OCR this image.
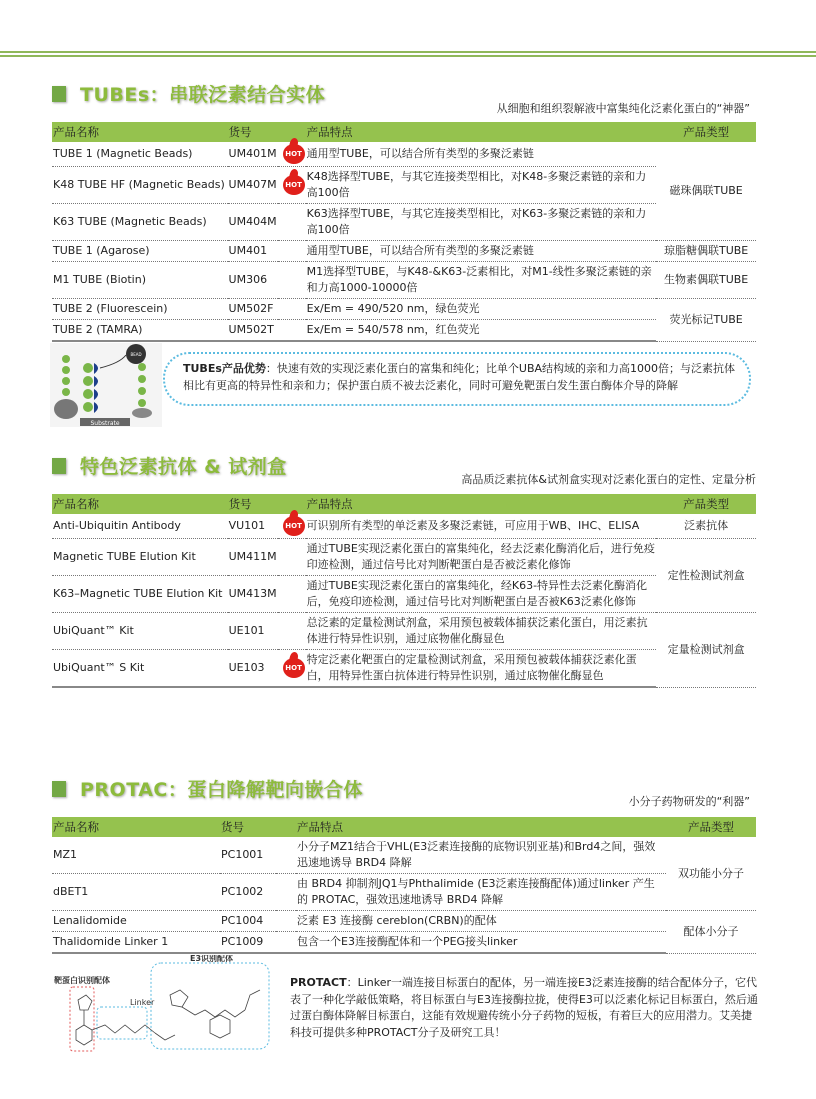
TUBEs：串联泛素结合实体
从细胞和组织裂解液中富集纯化泛素化蛋白的“神器”
产品名称	货号		产品特点	产品类型
TUBE 1 (Magnetic Beads)	UM401M	HOT	通用型TUBE，可以结合所有类型的多聚泛素链	磁珠偶联TUBE
K48 TUBE HF (Magnetic Beads)	UM407M	HOT	K48选择型TUBE，与其它连接类型相比，对K48-多聚泛素链的亲和力高100倍	
K63 TUBE (Magnetic Beads)	UM404M		K63选择型TUBE，与其它连接类型相比，对K63-多聚泛素链的亲和力高100倍	
TUBE 1 (Agarose)	UM401		通用型TUBE，可以结合所有类型的多聚泛素链	琼脂糖偶联TUBE
M1 TUBE (Biotin)	UM306		M1选择型TUBE，与K48-&K63-泛素相比，对M1-线性多聚泛素链的亲和力高1000-10000倍	生物素偶联TUBE
TUBE 2 (Fluorescein)	UM502F		Ex/Em = 490/520 nm，绿色荧光	荧光标记TUBE
TUBE 2 (TAMRA)	UM502T		Ex/Em = 540/578 nm，红色荧光	
BEAD
Substrate
TUBEs产品优势：快速有效的实现泛素化蛋白的富集和纯化；比单个UBA结构域的亲和力高1000倍；与泛素抗体相比有更高的特异性和亲和力；保护蛋白质不被去泛素化，同时可避免靶蛋白发生蛋白酶体介导的降解
特色泛素抗体 & 试剂盒
高品质泛素抗体&试剂盒实现对泛素化蛋白的定性、定量分析
产品名称	货号		产品特点	产品类型
Anti-Ubiquitin Antibody	VU101	HOT	可识别所有类型的单泛素及多聚泛素链，可应用于WB、IHC、ELISA	泛素抗体
Magnetic TUBE Elution Kit	UM411M		通过TUBE实现泛素化蛋白的富集纯化，经去泛素化酶消化后，进行免疫印迹检测，通过信号比对判断靶蛋白是否被泛素化修饰	定性检测试剂盒
K63–Magnetic TUBE Elution Kit	UM413M		通过TUBE实现泛素化蛋白的富集纯化，经K63-特异性去泛素化酶消化后，免疫印迹检测，通过信号比对判断靶蛋白是否被K63泛素化修饰	
UbiQuant™ Kit	UE101		总泛素的定量检测试剂盒，采用预包被载体捕获泛素化蛋白，用泛素抗体进行特异性识别，通过底物催化酶显色	定量检测试剂盒
UbiQuant™ S Kit	UE103	HOT	特定泛素化靶蛋白的定量检测试剂盒，采用预包被载体捕获泛素化蛋白，用特异性蛋白抗体进行特异性识别，通过底物催化酶显色	
PROTAC：蛋白降解靶向嵌合体
小分子药物研发的“利器”
产品名称	货号		产品特点	产品类型
MZ1	PC1001		小分子MZ1结合于VHL(E3泛素连接酶的底物识别亚基)和Brd4之间，强效迅速地诱导 BRD4 降解	双功能小分子
dBET1	PC1002		由 BRD4 抑制剂JQ1与Phthalimide (E3泛素连接酶配体)通过linker 产生的 PROTAC，强效迅速地诱导 BRD4 降解	
Lenalidomide	PC1004		泛素 E3 连接酶 cereblon(CRBN)的配体	配体小分子
Thalidomide Linker 1	PC1009		包含一个E3连接酶配体和一个PEG接头linker	
靶蛋白识别配体
Linker
E3识别配体
PROTACT：Linker一端连接目标蛋白的配体，另一端连接E3泛素连接酶的结合配体分子，它代表了一种化学敲低策略，将目标蛋白与E3连接酶拉拢，使得E3可以泛素化标记目标蛋白，然后通过蛋白酶体降解目标蛋白，这能有效规避传统小分子药物的短板，有着巨大的应用潜力。艾美捷科技可提供多种PROTACT分子及研究工具！
